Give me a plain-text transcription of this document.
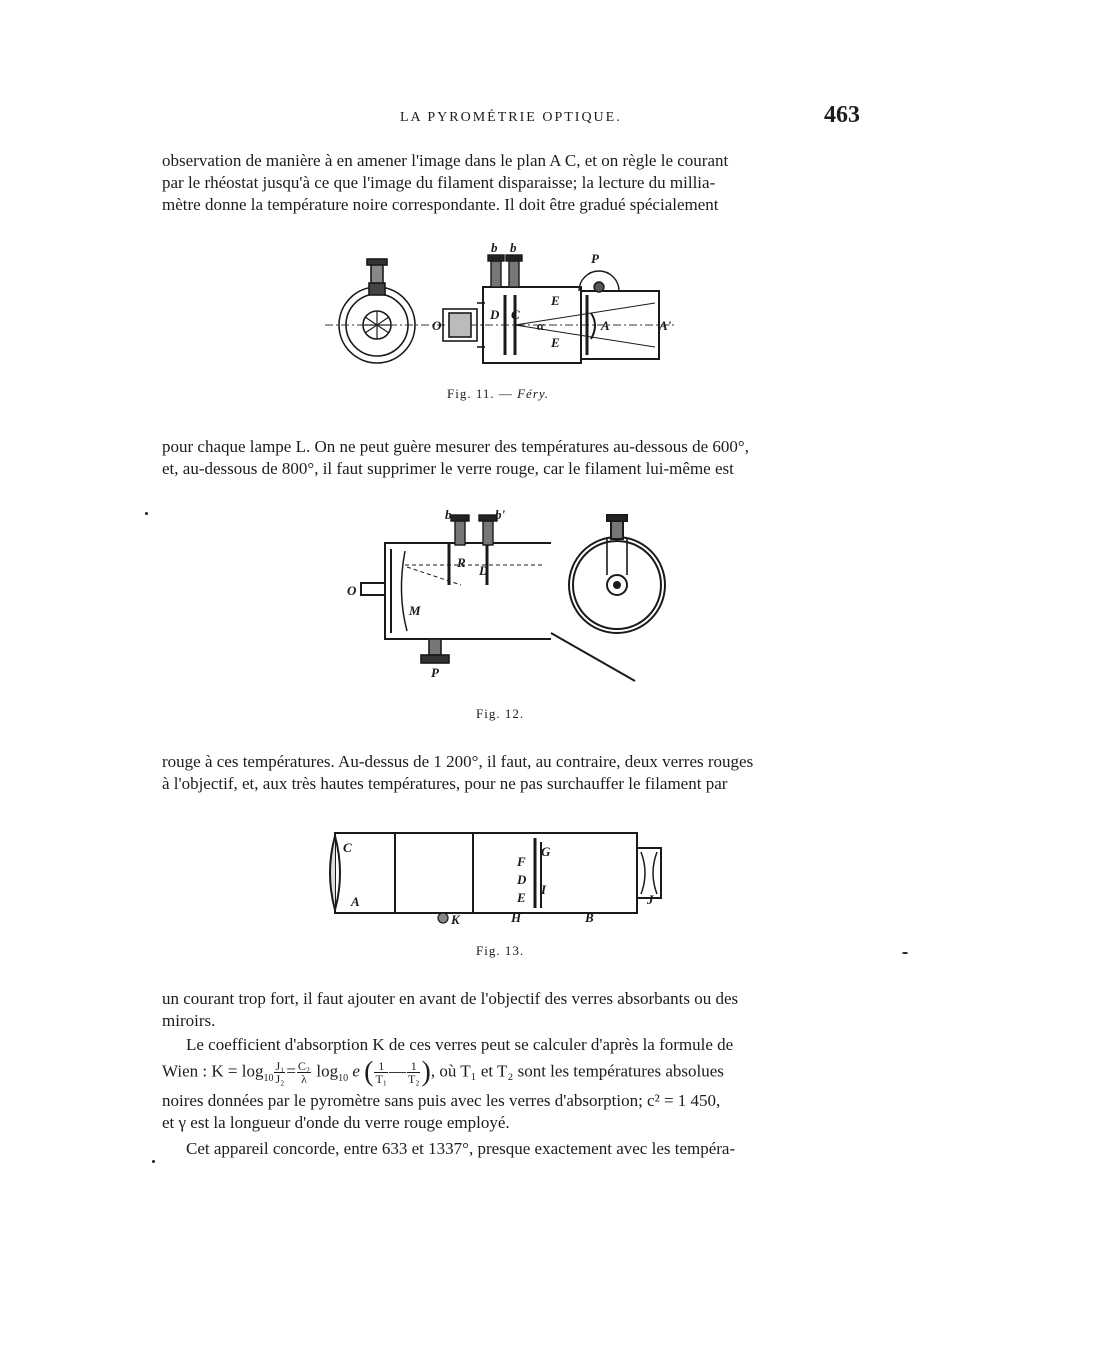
LA PYROMÉTRIE OPTIQUE.	463

observation de manière à en amener l'image dans le plan A C, et on règle le courant

par le rhéostat jusqu'à ce que l'image du filament disparaisse; la lecture du millia-

mètre donne la température noire correspondante. Il doit être gradué spécialement

b b
P
E
D C
α	A
E
A'
O
Fig. 11. — Féry.

pour chaque lampe L. On ne peut guère mesurer des températures au-dessous de 600°,

et, au-dessous de 800°, il faut supprimer le verre rouge, car le filament lui-même est

b	b'
R
D
O
M
P
Fig. 12.

rouge à ces températures. Au-dessus de 1 200°, il faut, au contraire, deux verres rouges

à l'objectif, et, aux très hautes températures, pour ne pas surchauffer le filament par

C
A
K
F
D
E
H
G
I
B
J
Fig. 13.

un courant trop fort, il faut ajouter en avant de l'objectif des verres absorbants ou des

miroirs.

Le coefficient d'absorption K de ces verres peut se calculer d'après la formule de

Wien : $K = \log_{10} \frac{\text{J₁}}{\text{J₂}} = \frac{\text{C₂}}{\lambda} \log_{10} e$ ( $\frac{1}{\text{T₁}}$ — $\frac{1}{\text{T₂}}$ ), où T₁ et T₂ sont les températures absolues

noires données par le pyromètre sans puis avec les verres d'absorption; c² = 1 450,

et γ est la longueur d'onde du verre rouge employé.

Cet appareil concorde, entre 633 et 1337°, presque exactement avec les tempéra-
